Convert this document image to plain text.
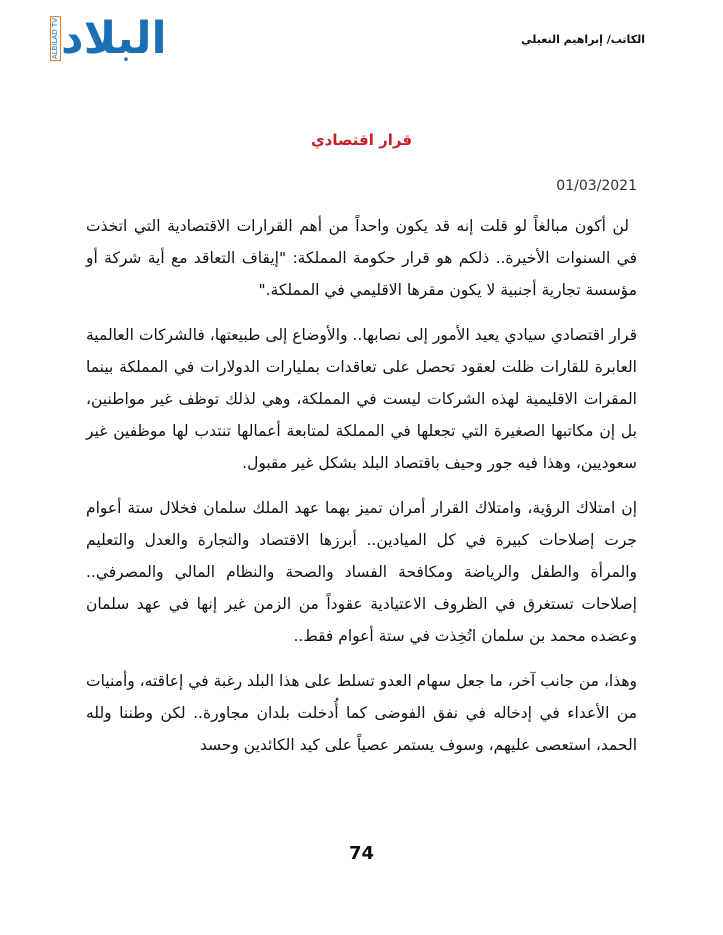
ALBILAD TV البلاد	الكاتب/ إبراهيم النعيلي
قرار اقتصادي
01/03/2021

لن أكون مبالغاً لو قلت إنه قد يكون واحداً من أهم القرارات الاقتصادية التي اتخذت في السنوات الأخيرة.. ذلكم هو قرار حكومة المملكة: "إيقاف التعاقد مع أية شركة أو مؤسسة تجارية أجنبية لا يكون مقرها الاقليمي في المملكة."

قرار اقتصادي سيادي يعيد الأمور إلى نصابها.. والأوضاع إلى طبيعتها، فالشركات العالمية العابرة للقارات ظلت لعقود تحصل على تعاقدات بمليارات الدولارات في المملكة بينما المقرات الاقليمية لهذه الشركات ليست في المملكة، وهي لذلك توظف غير مواطنين، بل إن مكاتبها الصغيرة التي تجعلها في المملكة لمتابعة أعمالها تنتدب لها موظفين غير سعوديين، وهذا فيه جور وحيف باقتصاد البلد بشكل غير مقبول.

إن امتلاك الرؤية، وامتلاك القرار أمران تميز بهما عهد الملك سلمان فخلال ستة أعوام جرت إصلاحات كبيرة في كل الميادين.. أبرزها الاقتصاد والتجارة والعدل والتعليم والمرأة والطفل والرياضة ومكافحة الفساد والصحة والنظام المالي والمصرفي.. إصلاحات تستغرق في الظروف الاعتيادية عقوداً من الزمن غير إنها في عهد سلمان وعضده محمد بن سلمان اتُخِذت في ستة أعوام فقط..

وهذا، من جانب آخر، ما جعل سهام العدو تسلط على هذا البلد رغبة في إعاقته، وأمنيات من الأعداء في إدخاله في نفق الفوضى كما أُدخلت بلدان مجاورة.. لكن وطننا ولله الحمد، استعصى عليهم، وسوف يستمر عصياً على كيد الكائدين وحسد

74
